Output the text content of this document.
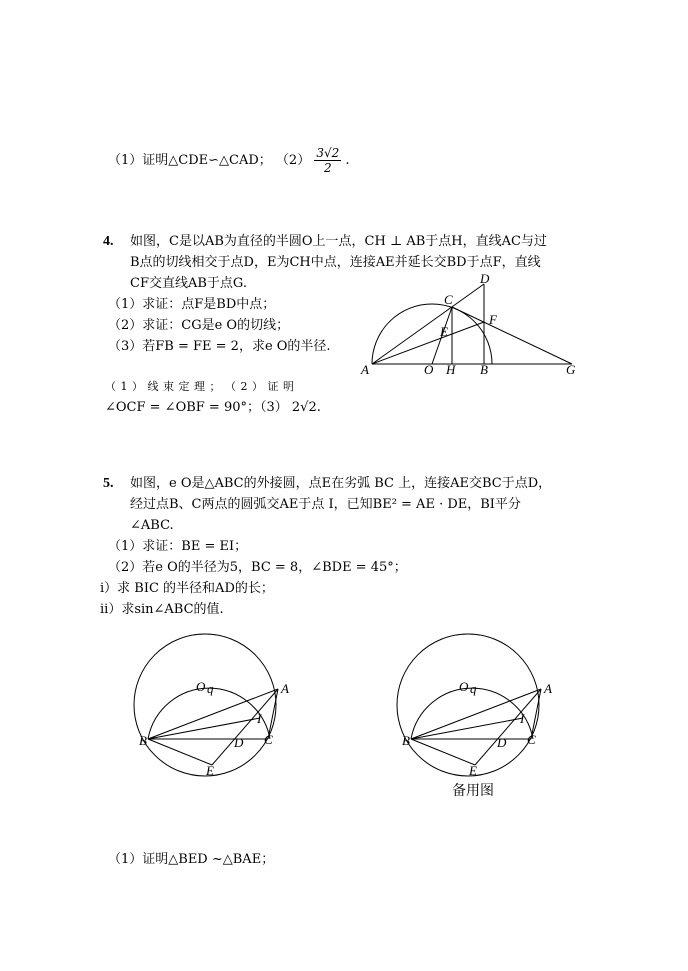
（1）证明△CDE∽△CAD； $(2) \frac{3√2}{2}$ .
4. 如图，C是以AB为直径的半圆O上一点，CH ⊥ AB于点H，直线AC与过
B点的切线相交于点D，E为CH中点，连接AE并延长交BD于点F，直线
CF交直线AB于点G.
（1）求证：点F是BD中点；
（2）求证：CG是e O的切线；
（3）若FB = FE = 2，求e O的半径.
（ 1 ） 线 束 定 理 ； （ 2 ） 证 明
∠OCF = ∠OBF = 90°；（3） 2√2.
A	B
C
D
E
F
G
H
O
5. 如图，e O是△ABC的外接圆，点E在劣弧 BC 上，连接AE交BC于点D，
经过点B、C两点的圆弧交AE于点 I，已知BE² = AE · DE，BI平分
∠ABC.
（1）求证：BE = EI；
（2）若e O的半径为5，BC = 8，∠BDE = 45°；
i）求 BIC 的半径和AD的长；
ii）求sin∠ABC的值.
O q	A
B	C
D
E
I
O q	A
B	C
D
E
I
备用图
（1）证明△BED ~△BAE；
